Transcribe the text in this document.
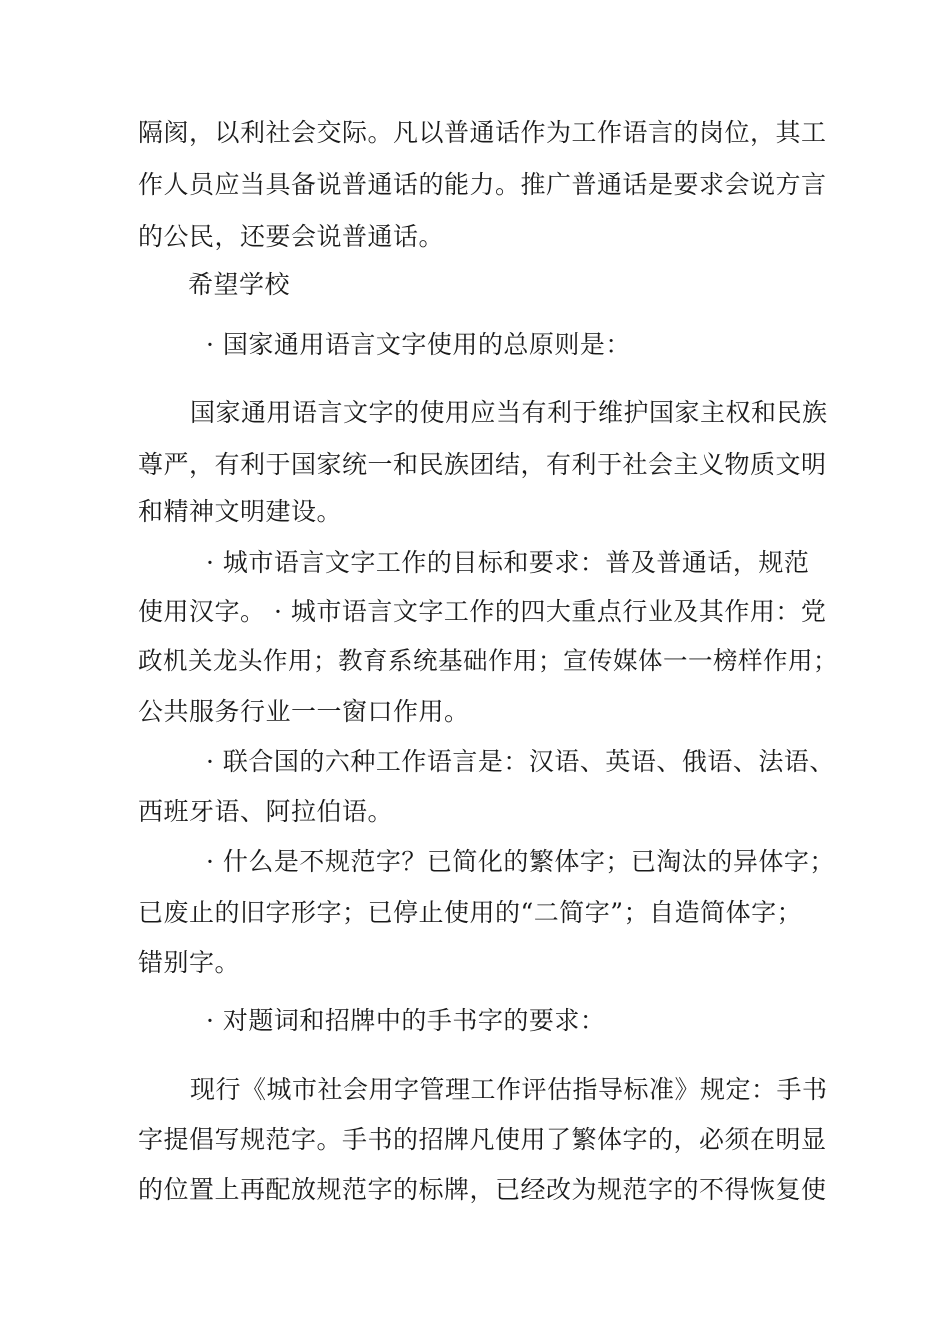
隔阂，以利社会交际。凡以普通话作为工作语言的岗位，其工
作人员应当具备说普通话的能力。推广普通话是要求会说方言
的公民，还要会说普通话。
希望学校
· 国家通用语言文字使用的总原则是：
国家通用语言文字的使用应当有利于维护国家主权和民族
尊严，有利于国家统一和民族团结，有利于社会主义物质文明
和精神文明建设。
· 城市语言文字工作的目标和要求：普及普通话，规范
使用汉字。 · 城市语言文字工作的四大重点行业及其作用：党
政机关龙头作用；教育系统基础作用；宣传媒体一一榜样作用；
公共服务行业一一窗口作用。
· 联合国的六种工作语言是：汉语、英语、俄语、法语、
西班牙语、阿拉伯语。
· 什么是不规范字？已简化的繁体字；已淘汰的异体字；
已废止的旧字形字；已停止使用的“二简字”；自造简体字；
错别字。
· 对题词和招牌中的手书字的要求：
现行《城市社会用字管理工作评估指导标准》规定：手书
字提倡写规范字。手书的招牌凡使用了繁体字的，必须在明显
的位置上再配放规范字的标牌，已经改为规范字的不得恢复使
